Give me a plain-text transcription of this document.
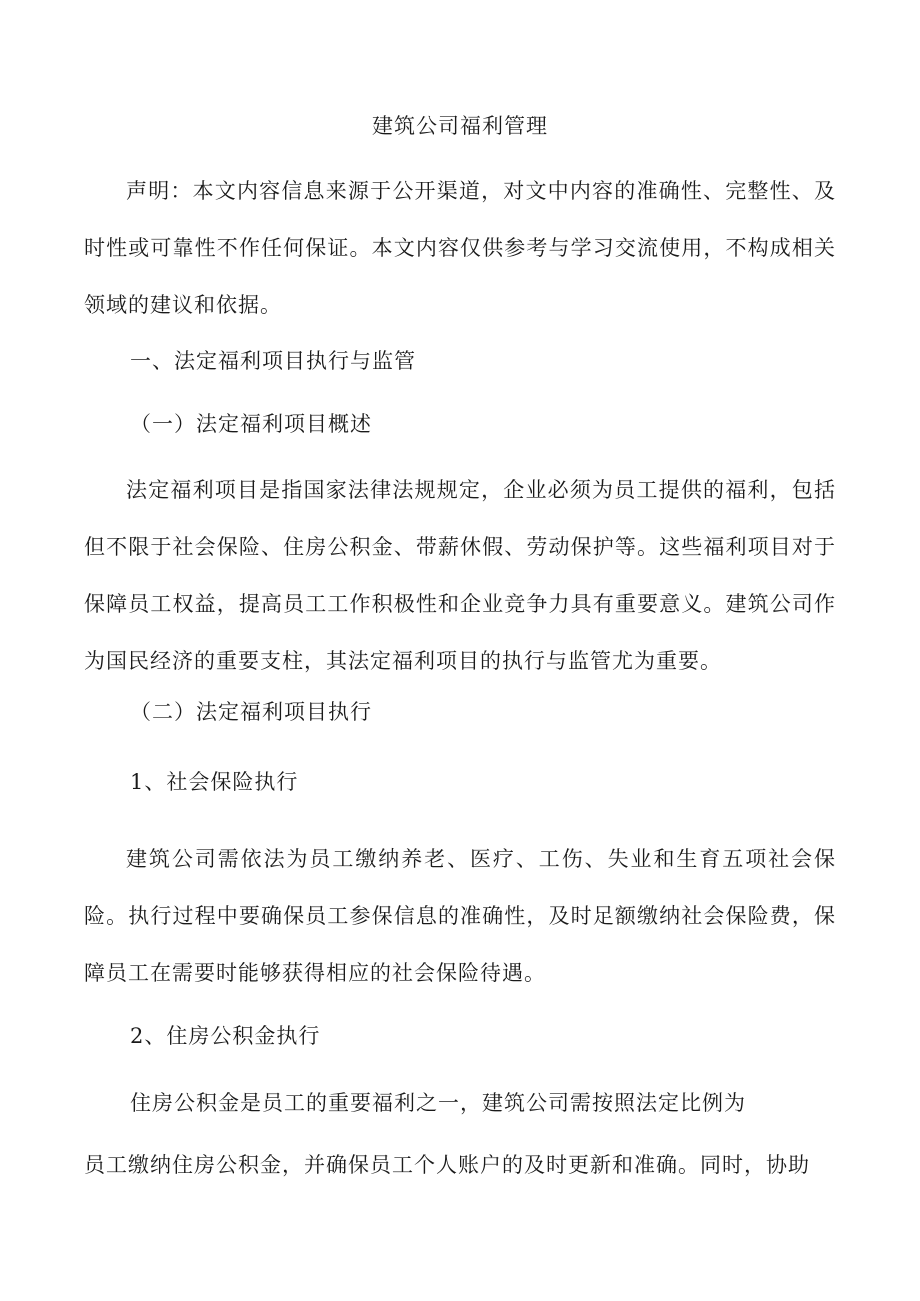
建筑公司福利管理

声明：本文内容信息来源于公开渠道，对文中内容的准确性、完整性、及时性或可靠性不作任何保证。本文内容仅供参考与学习交流使用，不构成相关领域的建议和依据。

一、法定福利项目执行与监管
（一）法定福利项目概述

法定福利项目是指国家法律法规规定，企业必须为员工提供的福利，包括但不限于社会保险、住房公积金、带薪休假、劳动保护等。这些福利项目对于保障员工权益，提高员工工作积极性和企业竞争力具有重要意义。建筑公司作为国民经济的重要支柱，其法定福利项目的执行与监管尤为重要。

（二）法定福利项目执行
1、社会保险执行

建筑公司需依法为员工缴纳养老、医疗、工伤、失业和生育五项社会保险。执行过程中要确保员工参保信息的准确性，及时足额缴纳社会保险费，保障员工在需要时能够获得相应的社会保险待遇。

2、住房公积金执行
住房公积金是员工的重要福利之一，建筑公司需按照法定比例为
员工缴纳住房公积金，并确保员工个人账户的及时更新和准确。同时，协助
